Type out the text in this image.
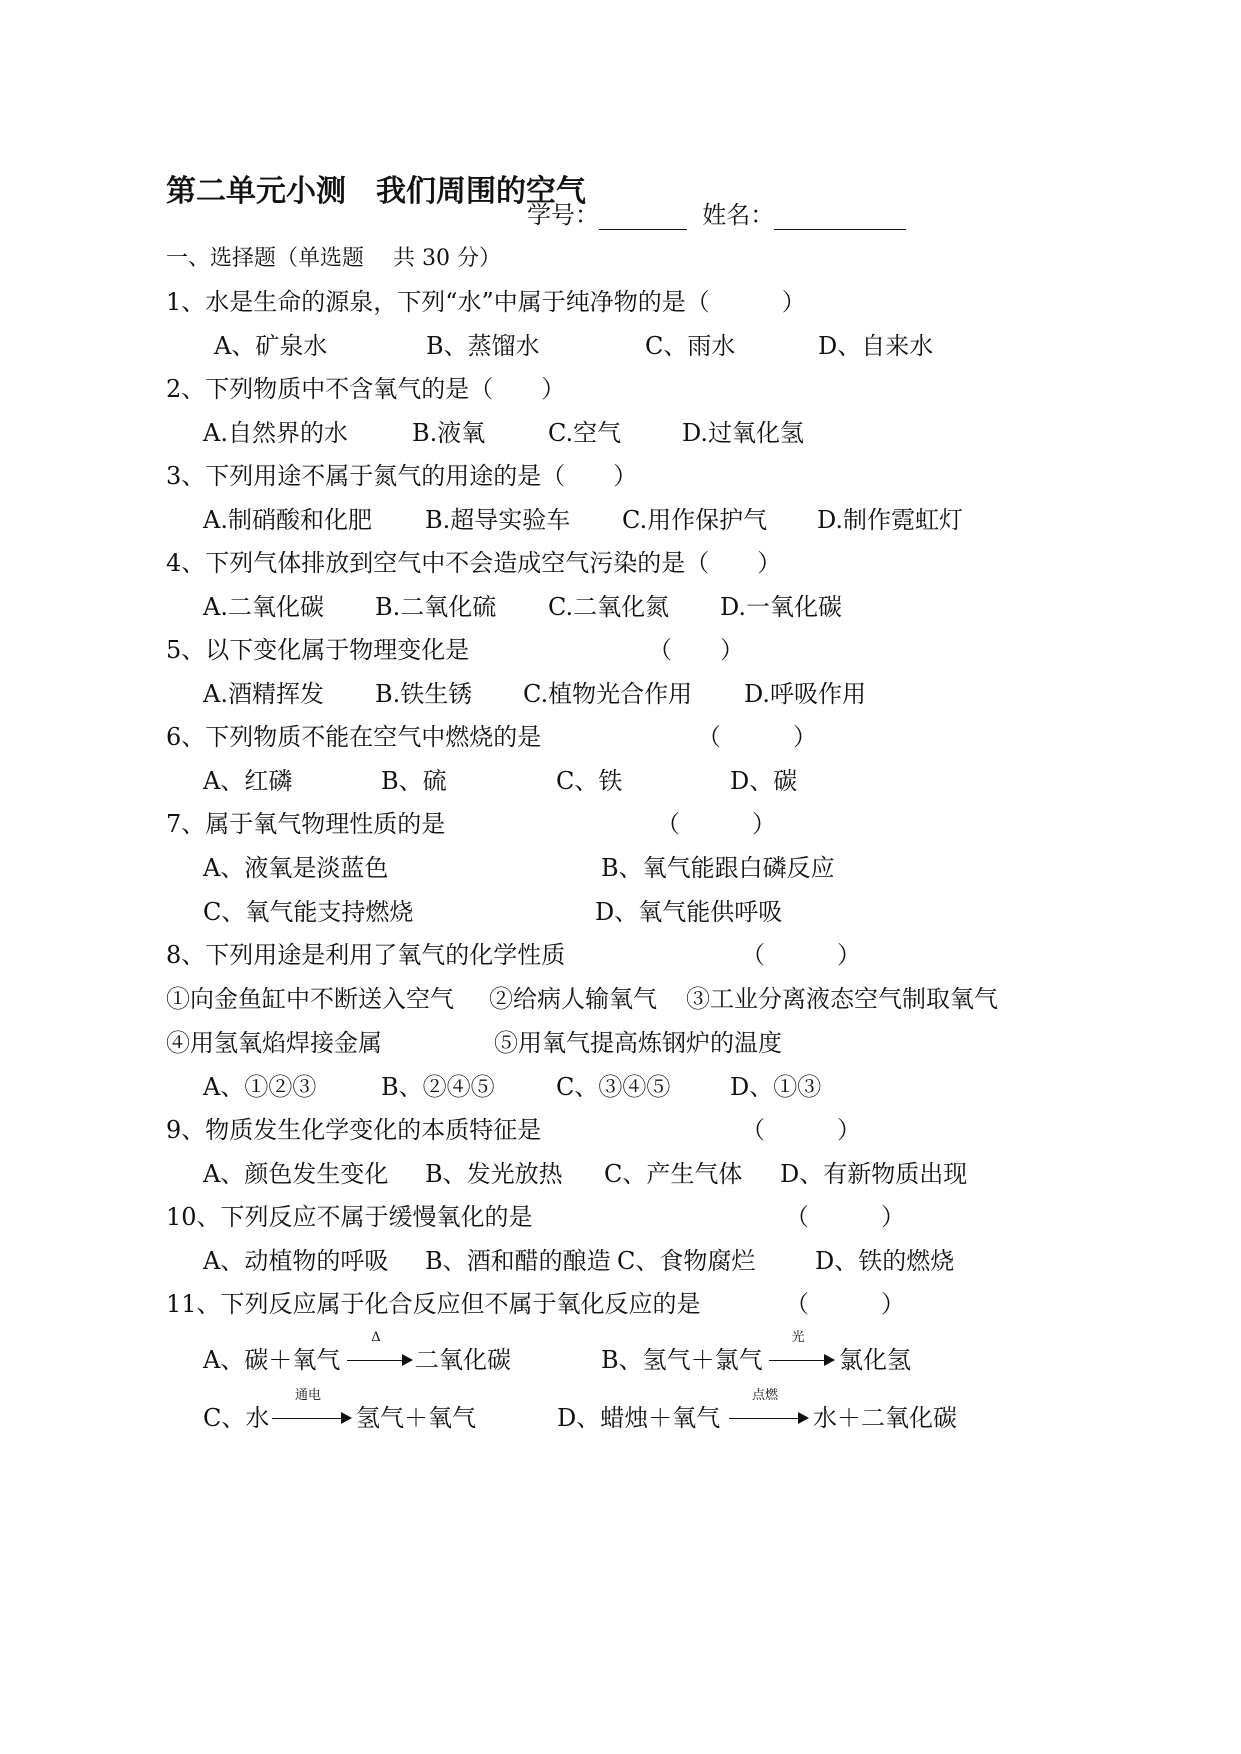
第二单元小测　我们周围的空气
学号：	姓名：
一、选择题（单选题　 共 30 分）
1、水是生命的源泉，下列“水”中属于纯净物的是（　　　）
A、矿泉水	B、蒸馏水	C、雨水	D、自来水
2、下列物质中不含氧气的是（　　）
A.自然界的水	B.液氧	C.空气	D.过氧化氢
3、下列用途不属于氮气的用途的是（　　）
A.制硝酸和化肥 B.超导实验车 C.用作保护气 D.制作霓虹灯
4、下列气体排放到空气中不会造成空气污染的是（　　）
A.二氧化碳 B.二氧化硫 C.二氧化氮 D.一氧化碳
5、以下变化属于物理变化是	（　　）
A.酒精挥发 B.铁生锈 C.植物光合作用 D.呼吸作用
6、下列物质不能在空气中燃烧的是	（　　　）
A、红磷	B、硫	C、铁	D、碳
7、属于氧气物理性质的是	（　　　）
A、液氧是淡蓝色	B、氧气能跟白磷反应
C、氧气能支持燃烧	D、氧气能供呼吸
8、下列用途是利用了氧气的化学性质	（　　　）
①向金鱼缸中不断送入空气 ②给病人输氧气 ③工业分离液态空气制取氧气
④用氢氧焰焊接金属	⑤用氧气提高炼钢炉的温度
A、①②③	B、②④⑤	C、③④⑤ D、①③
9、物质发生化学变化的本质特征是	（　　　）
A、颜色发生变化 B、发光放热 C、产生气体 D、有新物质出现
10、下列反应不属于缓慢氧化的是	（　　　）
A、动植物的呼吸 B、酒和醋的酿造 C、食物腐烂 D、铁的燃烧
11、下列反应属于化合反应但不属于氧化反应的是	（　　　）
A、碳＋氧气
Δ
二氧化碳	B、氢气＋氯气
光
氯化氢
C、水
通电
氢气＋氧气	D、蜡烛＋氧气
点燃
水＋二氧化碳
